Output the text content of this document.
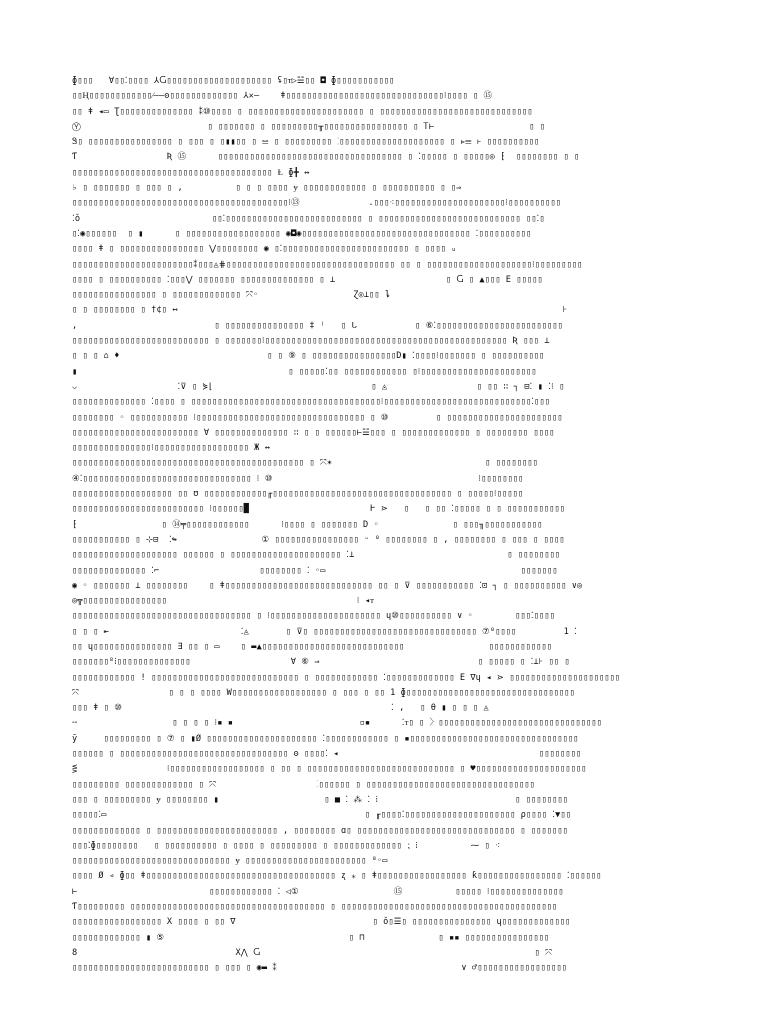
ɸ▯▯▯   ∀▯▯⁚▯▯▯▯ ⅄Ⴚ▯▯▯▯▯▯▯▯▯▯▯▯▯▯▯▯▯▯▯▯ ʢ▯ᴛ▷☱▯▯ ◘ ɸ▯▯▯▯▯▯▯▯▯▯▯
▯▯Ⱨ▯▯▯▯▯▯▯▯▯▯▯▯⁄——ʘ▯▯▯▯▯▯▯▯▯▯▯▯▯ ⅄✕—    ǂ▯▯▯▯▯▯▯▯▯▯▯▯▯▯▯▯▯▯▯▯▯▯▯▯▯▯▯▯▯▯⁝▯▯▯▯ ▯ ⑮
▯▯ ǂ ◂▭ Ʈ▯▯▯▯▯▯▯▯▯▯▯▯▯▯ ⁑⑩▯▯▯▯ ▯ ▯▯▯▯▯▯▯▯▯▯▯▯▯▯▯▯▯▯▯▯▯▯ ▯ ▯▯▯▯▯▯▯▯▯▯▯▯▯▯▯▯▯▯▯▯▯▯▯▯▯▯▯▯▯
Ⓨ                        ▯ ▯▯▯▯▯▯▯ ▯ ▯▯▯▯▯▯▯▯▯╥▯▯▯▯▯▯▯▯▯▯▯▯▯▯▯▯ ▯ Ꭲ⊢                  ▯ ▯
Ꮥ▯ ▯▯▯▯▯▯▯▯▯▯▯▯▯▯▯▯ ▯ ▯▯▯ ▯ ▯▮▮▯▯ ▯ ☱ ▯ ▯▯▯▯▯▯▯▯▯ ⁚▯▯▯▯▯▯▯▯▯▯▯▯▯▯▯▯▯▯▯▯ ▯ ⊧☰ ⊦ ▯▯▯▯▯▯▯▯▯▯
Ƭ                 Ʀ ⑮      ▯▯▯▯▯▯▯▯▯▯▯▯▯▯▯▯▯▯▯▯▯▯▯▯▯▯▯▯▯▯▯▯▯▯▯ ▯ ⁚▯▯▯▯▯ ▯ ▯▯▯▯▯◎ ⁅  ▯▯▯▯▯▯▯▯ ▯ ▯
▯▯▯▯▯▯▯▯▯▯▯▯▯▯▯▯▯▯▯▯▯▯▯▯▯▯▯▯▯▯▯▯▯▯▯▯▯▯ Ⱡ ɸ╋ ↔
♭ ▯ ▯▯▯▯▯▯▯ ▯ ▯▯▯ ▯ ,          ▯ ▯ ▯ ▯▯▯▯ ɏ ▯▯▯▯▯▯▯▯▯▯▯▯ ▯ ▯▯▯▯▯▯▯▯▯▯ ▯ ▯⇒
▯▯▯▯▯▯▯▯▯▯▯▯▯▯▯▯▯▯▯▯▯▯▯▯▯▯▯▯▯▯▯▯▯▯▯▯▯▯▯▯▯⁝⑬             .▯▯▯⁖▯▯▯▯▯▯▯▯▯▯▯▯▯▯▯▯▯▯▯▯▯⁝▯▯▯▯▯▯▯▯▯▯
⁚ǒ                         ▯▯⁚▯▯▯▯▯▯▯▯▯▯▯▯▯▯▯▯▯▯▯▯▯▯▯▯▯▯ ▯ ▯▯▯▯▯▯▯▯▯▯▯▯▯▯▯▯▯▯▯▯▯▯▯▯▯▯▯ ▯▯⁚▯
▯⁚◉▯▯▯▯▯▯  ▯ ▮      ▯ ▯▯▯▯▯▯▯▯▯▯▯▯▯▯▯▯▯▯ ◉◘◉▯▯▯▯▯▯▯▯▯▯▯▯▯▯▯▯▯▯▯▯▯▯▯▯▯▯▯▯▯▯▯▯ ⁚▯▯▯▯▯▯▯▯▯▯
▯▯▯▯ ǂ ▯ ▯▯▯▯▯▯▯▯▯▯▯▯▯▯▯▯ ⋁▯▯▯▯▯▯▯▯ ◉ ▯⁚▯▯▯▯▯▯▯▯▯▯▯▯▯▯▯▯▯▯▯▯▯▯▯▯ ▯ ▯▯▯▯ ᵤ
▯▯▯▯▯▯▯▯▯▯▯▯▯▯▯▯▯▯▯▯▯▯▯⁑▯▯▯◬⋕▯▯▯▯▯▯▯▯▯▯▯▯▯▯▯▯▯▯▯▯▯▯▯▯▯▯▯▯▯▯▯▯ ▯▯ ▯ ▯▯▯▯▯▯▯▯▯▯▯▯▯▯▯▯▯▯▯▯⁝▯▯▯▯▯▯▯▯▯
▯▯▯▯ ▯ ▯▯▯▯▯▯▯▯▯▯ ⁚▯▯▯⋁ ▯▯▯▯▯▯▯ ▯▯▯▯▯▯▯▯▯▯▯▯▯▯ ▯ ⊥                     ▯ Ⴚ ▯ ▲▯▯▯ Ε ▯▯▯▯▯
▯▯▯▯▯▯▯▯▯▯▯▯▯▯▯▯ ▯ ▯▯▯▯▯▯▯▯▯▯▯▯▯ ⤧◦                  Ɀ◎⊥▯▯ ȴ
▯ ▯ ▯▯▯▯▯▯▯▯ ▯ †¢▯ ↤                                                                         ⊦
,                          ▯ ▯▯▯▯▯▯▯▯▯▯▯▯▯▯▯ ‡ ⁾   ▯ ᒐ           ▯ ⑥⁚▯▯▯▯▯▯▯▯▯▯▯▯▯▯▯▯▯▯▯▯▯▯▯▯
▯▯▯▯▯▯▯▯▯▯▯▯▯▯▯▯▯▯▯▯▯▯▯▯▯▯ ▯ ▯▯▯▯▯▯▯⁝▯▯▯▯▯▯▯▯▯▯▯▯▯▯▯▯▯▯▯▯▯▯▯▯▯▯▯▯▯▯▯▯▯▯▯▯▯▯▯▯▯▯▯▯▯▯ Ʀ ▯▯▯ ⊥
▯ ▯ ▯ ⌂ ♦                            ▯ ▯ ⑨ ▯ ▯▯▯▯▯▯▯▯▯▯▯▯▯▯▯▯D▮ ⁚▯▯▯▯⁝▯▯▯▯▯▯▯ ▯ ▯▯▯▯▯▯▯▯▯▯
▮                                        ▯ ▯▯▯▯▯⁚▯▯ ▯▯▯▯▯▯▯▯▯▯▯▯ ▯⁝▯▯▯▯▯▯▯▯▯▯▯▯▯▯▯▯▯▯▯▯▯▯
⌵                   ⁚⊽ ▯ ⋟⌊                              ▯ ◬                 ▯ ▯▯ ∷ ┐ ⊟⁚ ▮ ⁚⁝ ▯
▯▯▯▯▯▯▯▯▯▯▯▯▯▯ ⁚▯▯▯▯ ▯ ▯▯▯▯▯▯▯▯▯▯▯▯▯▯▯▯▯▯▯▯▯▯▯▯▯▯▯▯▯▯▯▯▯▯▯▯⁝▯▯▯▯▯▯▯▯▯▯▯▯▯▯▯▯▯▯▯▯▯▯▯▯▯▯▯▯⁚▯▯▯
▯▯▯▯▯▯▯▯ ◦ ▯▯▯▯▯▯▯▯▯▯▯ ⁝▯▯▯▯▯▯▯▯▯▯▯▯▯▯▯▯▯▯▯▯▯▯▯▯▯▯▯▯▯▯▯▯ ▯ ⑩         ▯ ▯▯▯▯▯▯▯▯▯▯▯▯▯▯▯▯▯▯▯▯▯▯
▯▯▯▯▯▯▯▯▯▯▯▯▯▯▯▯▯▯▯▯▯▯▯▯ ∀ ▯▯▯▯▯▯▯▯▯▯▯▯▯▯ ∷ ▯ ▯ ▯▯▯▯▯▯⊢☱▯▯▯ ▯ ▯▯▯▯▯▯▯▯▯▯▯▯▯ ▯ ▯▯▯▯▯▯▯▯ ▯▯▯▯
▯▯▯▯▯▯▯▯▯▯▯▯▯▯▯⁝▯▯▯▯▯▯▯▯▯▯▯▯▯▯▯▯▯▯ Ж ↔
▯▯▯▯▯▯▯▯▯▯▯▯▯▯▯▯▯▯▯▯▯▯▯▯▯▯▯▯▯▯▯▯▯▯▯▯▯▯▯▯▯▯▯▯ ▯ ⤧✶                             ▯ ▯▯▯▯▯▯▯▯
④⁚▯▯▯▯▯▯▯▯▯▯▯▯▯▯▯▯▯▯▯▯▯▯▯▯▯▯▯▯▯▯▯▯ ⁝ ⑩                                       ⁝▯▯▯▯▯▯▯▯
▯▯▯▯▯▯▯▯▯▯▯▯▯▯▯▯▯▯▯ ▯▯ ʊ ▯▯▯▯▯▯▯▯▯▯▯▯╓▯▯▯▯▯▯▯▯▯▯▯▯▯▯▯▯▯▯▯▯▯▯▯▯▯▯▯▯▯▯▯▯▯▯ ▯ ▯▯▯▯▯⁝▯▯▯▯▯
▯▯▯▯▯▯▯▯▯▯▯▯▯▯▯▯▯▯▯▯▯▯▯▯▯ ⁝▯▯▯▯▯▯█                       Ⱶ ⋗   ▯   ▯ ▯▯ ⁚▯▯▯▯▯ ▯ ▯ ▯▯▯▯▯▯▯▯▯▯▯
⁅                ▯ ⑭╤▯▯▯▯▯▯▯▯▯▯▯▯      ⁝▯▯▯▯ ▯ ▯▯▯▯▯▯▯ D ◦              ▯ ▯▯▯╖▯▯▯▯▯▯▯▯▯▯▯
▯▯▯▯▯▯▯▯▯▯▯ ▯ ⊹⊟  ⁚↬                ① ▯▯▯▯▯▯▯▯▯▯▯▯▯▯▯▯ ᵕ ⁰ ▯▯▯▯▯▯▯▯ ▯ , ▯▯▯▯▯▯▯▯ ▯ ▯▯▯ ▯ ▯▯▯▯
▯▯▯▯▯▯▯▯▯▯▯▯▯▯▯▯▯▯▯▯ ▯▯▯▯▯▯ ▯ ▯▯▯▯▯▯▯▯▯▯▯▯▯▯▯▯▯▯▯▯▯ ⁚⊥                             ▯ ▯▯▯▯▯▯▯▯
▯▯▯▯▯▯▯▯▯▯▯▯▯▯ ⁚⌐                   ▯▯▯▯▯▯▯▯ ⁚ ◦▭                                     ▯▯▯▯▯▯▯
◉ ◦ ▯▯▯▯▯▯▯ ⊥ ▯▯▯▯▯▯▯▯    ▯ ǂ▯▯▯▯▯▯▯▯▯▯▯▯▯▯▯▯▯▯▯▯▯▯▯▯▯▯▯▯ ▯▯ ▯ ⊽ ▯▯▯▯▯▯▯▯▯▯▯ ⁚⊡ ┐ ▯ ▯▯▯▯▯▯▯▯▯▯ ∨◎
◎╦▯▯▯▯▯▯▯▯▯▯▯▯▯▯▯▯                                    ⁝ ◂ᴛ
▯▯▯▯▯▯▯▯▯▯▯▯▯▯▯▯▯▯▯▯▯▯▯▯▯▯▯▯▯▯▯▯▯▯ ▯ ⁝▯▯▯▯▯▯▯▯▯▯▯▯▯▯▯▯▯▯▯▯▯ ɥ⑩▯▯▯▯▯▯▯▯▯▯ ∨ ◦        ▯▯▯⁚▯▯▯▯
▯ ▯ ▯ ⇤                         ⁚◬       ▯ ⊽▯ ▯▯▯▯▯▯▯▯▯▯▯▯▯▯▯▯▯▯▯▯▯▯▯▯▯▯▯▯▯▯▯ ⑦⁰▯▯▯▯         1 ⁚
▯▯ ɥ▯▯▯▯▯▯▯▯▯▯▯▯▯▯▯ ∃ ▯▯ ▯ ▭    ▯ ▬▲▯▯▯▯▯▯▯▯▯▯▯▯▯▯▯▯▯▯▯▯▯▯▯▯▯▯▯                ▯▯▯▯▯▯▯▯▯▯▯▯
▯▯▯▯▯▯▯⁸⁞▯▯▯▯▯▯▯▯▯▯▯▯▯▯                   ∀ ⑥ ⇒                              ▯ ▯▯▯▯▯ ▯ ⁚⊥⊦ ▯▯ ▯
▯▯▯▯▯▯▯▯▯▯▯▯ ! ▯▯▯▯▯▯▯▯▯▯▯▯▯▯▯▯▯▯▯▯▯▯▯▯▯▯▯▯ ▯ ▯▯▯▯▯▯▯▯▯▯▯▯ ⁚▯▯▯▯▯▯▯▯▯▯▯▯▯ Ε ∇ɥ ◂ ⋗ ▯▯▯▯▯▯▯▯▯▯▯▯▯▯▯▯▯▯▯▯▯
⤧                 ▯ ▯ ▯ ▯▯▯▯ W▯▯▯▯▯▯▯▯▯▯▯▯▯▯▯▯▯▯ ▯ ▯▯▯ ▯ ▯▯ 1 ɸ▯▯▯▯▯▯▯▯▯▯▯▯▯▯▯▯▯▯▯▯▯▯▯▯▯▯▯▯▯▯▯▯
▯▯▯ ǂ ▯ ⑩                                                   ⁚ ,   ▯ θ ▮ ▯ ▯ ▯ ◬
╌                  ▯ ▯ ▯ ▯ ⁝▪ ▪                        ▫▪      ⁚ᴛ▯ ▯ 〉▯▯▯▯▯▯▯▯▯▯▯▯▯▯▯▯▯▯▯▯▯▯▯▯▯▯▯▯▯▯▯
ȳ     ▯▯▯▯▯▯▯▯▯ ▯ ⑦ ▯ ▮Ø ▯▯▯▯▯▯▯▯▯▯▯▯▯▯▯▯▯▯▯▯▯ ⁚▯▯▯▯▯▯▯▯▯▯▯▯ ▯ ▪▯▯▯▯▯▯▯▯▯▯▯▯▯▯▯▯▯▯▯▯▯▯▯▯▯▯▯▯▯▯▯▯
▯▯▯▯▯▯ ▯ ▯▯▯▯▯▯▯▯▯▯▯▯▯▯▯▯▯▯▯▯▯▯▯▯▯▯▯▯▯▯▯▯ ʘ ▯▯▯▯⁚ ◂                                      ▯▯▯▯▯▯▯▯
⋚                 ⁝▯▯▯▯▯▯▯▯▯▯▯▯▯▯▯▯▯▯ ▯ ▯▯ ▯ ▯▯▯▯▯▯▯▯▯▯▯▯▯▯▯▯▯▯▯▯▯▯▯▯▯▯▯▯ ▯ ♥▯▯▯▯▯▯▯▯▯▯▯▯▯▯▯▯▯▯▯▯▯
▯▯▯▯▯▯▯▯▯ ▯▯▯▯▯▯▯▯▯▯▯▯▯ ▯ ⤧                   ⁚▯▯▯▯▯▯ ▯ ▯▯▯▯▯▯▯▯▯▯▯▯▯▯▯▯▯▯▯▯▯▯▯▯▯▯▯▯▯▯▯▯
▯▯▯ ▯ ▯▯▯▯▯▯▯▯▯ ɏ ▯▯▯▯▯▯▯▯ ▮                    ▯ ■ ⁚ ⁂ ⁚ ⁞                          ▯ ▯▯▯▯▯▯▯▯
▯▯▯▯▯⁚▭                                                 ▯ ╓▯▯▯▯⁚▯▯▯▯▯▯▯▯▯▯▯▯▯▯▯▯▯▯▯▯▯ ρ▯▯▯▯ ⁚▼▯▯
▯▯▯▯▯▯▯▯▯▯▯▯▯ ▯ ▯▯▯▯▯▯▯▯▯▯▯▯▯▯▯▯▯▯▯▯▯▯▯ , ▯▯▯▯▯▯▯▯ ɑ▯ ▯▯▯▯▯▯▯▯▯▯▯▯▯▯▯▯▯▯▯▯▯▯▯▯▯▯▯▯▯▯ ▯ ▯▯▯▯▯▯▯
▯▯▯⁚ɸ▯▯▯▯▯▯▯▯   ▯ ▯▯▯▯▯▯▯▯▯▯ ▯ ▯▯▯▯ ▯ ▯▯▯▯▯▯▯▯▯ ▯ ▯▯▯▯▯▯▯▯▯▯▯▯▯ ⁏ ⁞          ⁓ ▯ ⁖
▯▯▯▯▯▯▯▯▯▯▯▯▯▯▯▯▯▯▯▯▯▯▯▯▯▯▯▯▯▯ ɏ ▯▯▯▯▯▯▯▯▯▯▯▯▯▯▯▯▯▯▯▯▯▯▯ ⁸◦▭
▯▯▯▯ Ø ◃ ɸ▯▯ ǂ▯▯▯▯▯▯▯▯▯▯▯▯▯▯▯▯▯▯▯▯▯▯▯▯▯▯▯▯▯▯▯▯▯▯▯▯ ʐ ⁎ ▯ ǂ▯▯▯▯▯▯▯▯▯▯▯▯▯▯▯▯▯ ƙ▯▯▯▯▯▯▯▯▯▯▯▯▯▯▯▯ ⁚▯▯▯▯▯▯
⊢                         ▯▯▯▯▯▯▯▯▯▯▯▯ ⁚ ◁①                  ⑮          ▯▯▯▯▯ ⁝▯▯▯▯▯▯▯▯▯▯▯▯▯▯
Ƭ▯▯▯▯▯▯▯▯▯ ▯▯▯▯▯▯▯▯▯▯▯▯▯▯▯▯▯▯▯▯▯▯▯▯▯▯▯▯▯▯▯▯▯▯▯▯▯ ▯ ▯▯▯▯▯▯▯▯▯▯▯▯▯▯▯▯▯▯▯▯▯▯▯▯▯▯▯▯▯▯▯▯▯▯▯▯▯▯▯▯▯
▯▯▯▯▯▯▯▯▯▯▯▯▯▯▯▯▯ X ▯▯▯▯ ▯ ▯▯ ∇                          ▯ ǒ▯☰▯ ▯▯▯▯▯▯▯▯▯▯▯▯▯▯▯ ɥ▯▯▯▯▯▯▯▯▯▯▯▯▯
▯▯▯▯▯▯▯▯▯▯▯▯▯ ▮ ⑤                                   ▯ ⊓              ▯ ▪▪ ▯▯▯▯▯▯▯▯▯▯▯▯▯▯▯▯
8                              X⋀ Ⴚ                                                    ▯ ⤧
▯▯▯▯▯▯▯▯▯▯▯▯▯▯▯▯▯▯▯▯▯▯▯▯▯▯ ▯ ▯▯▯ ▯ ◉▬ ⁑                                   ∨ ♂▯▯▯▯▯▯▯▯▯▯▯▯▯▯▯▯▯
